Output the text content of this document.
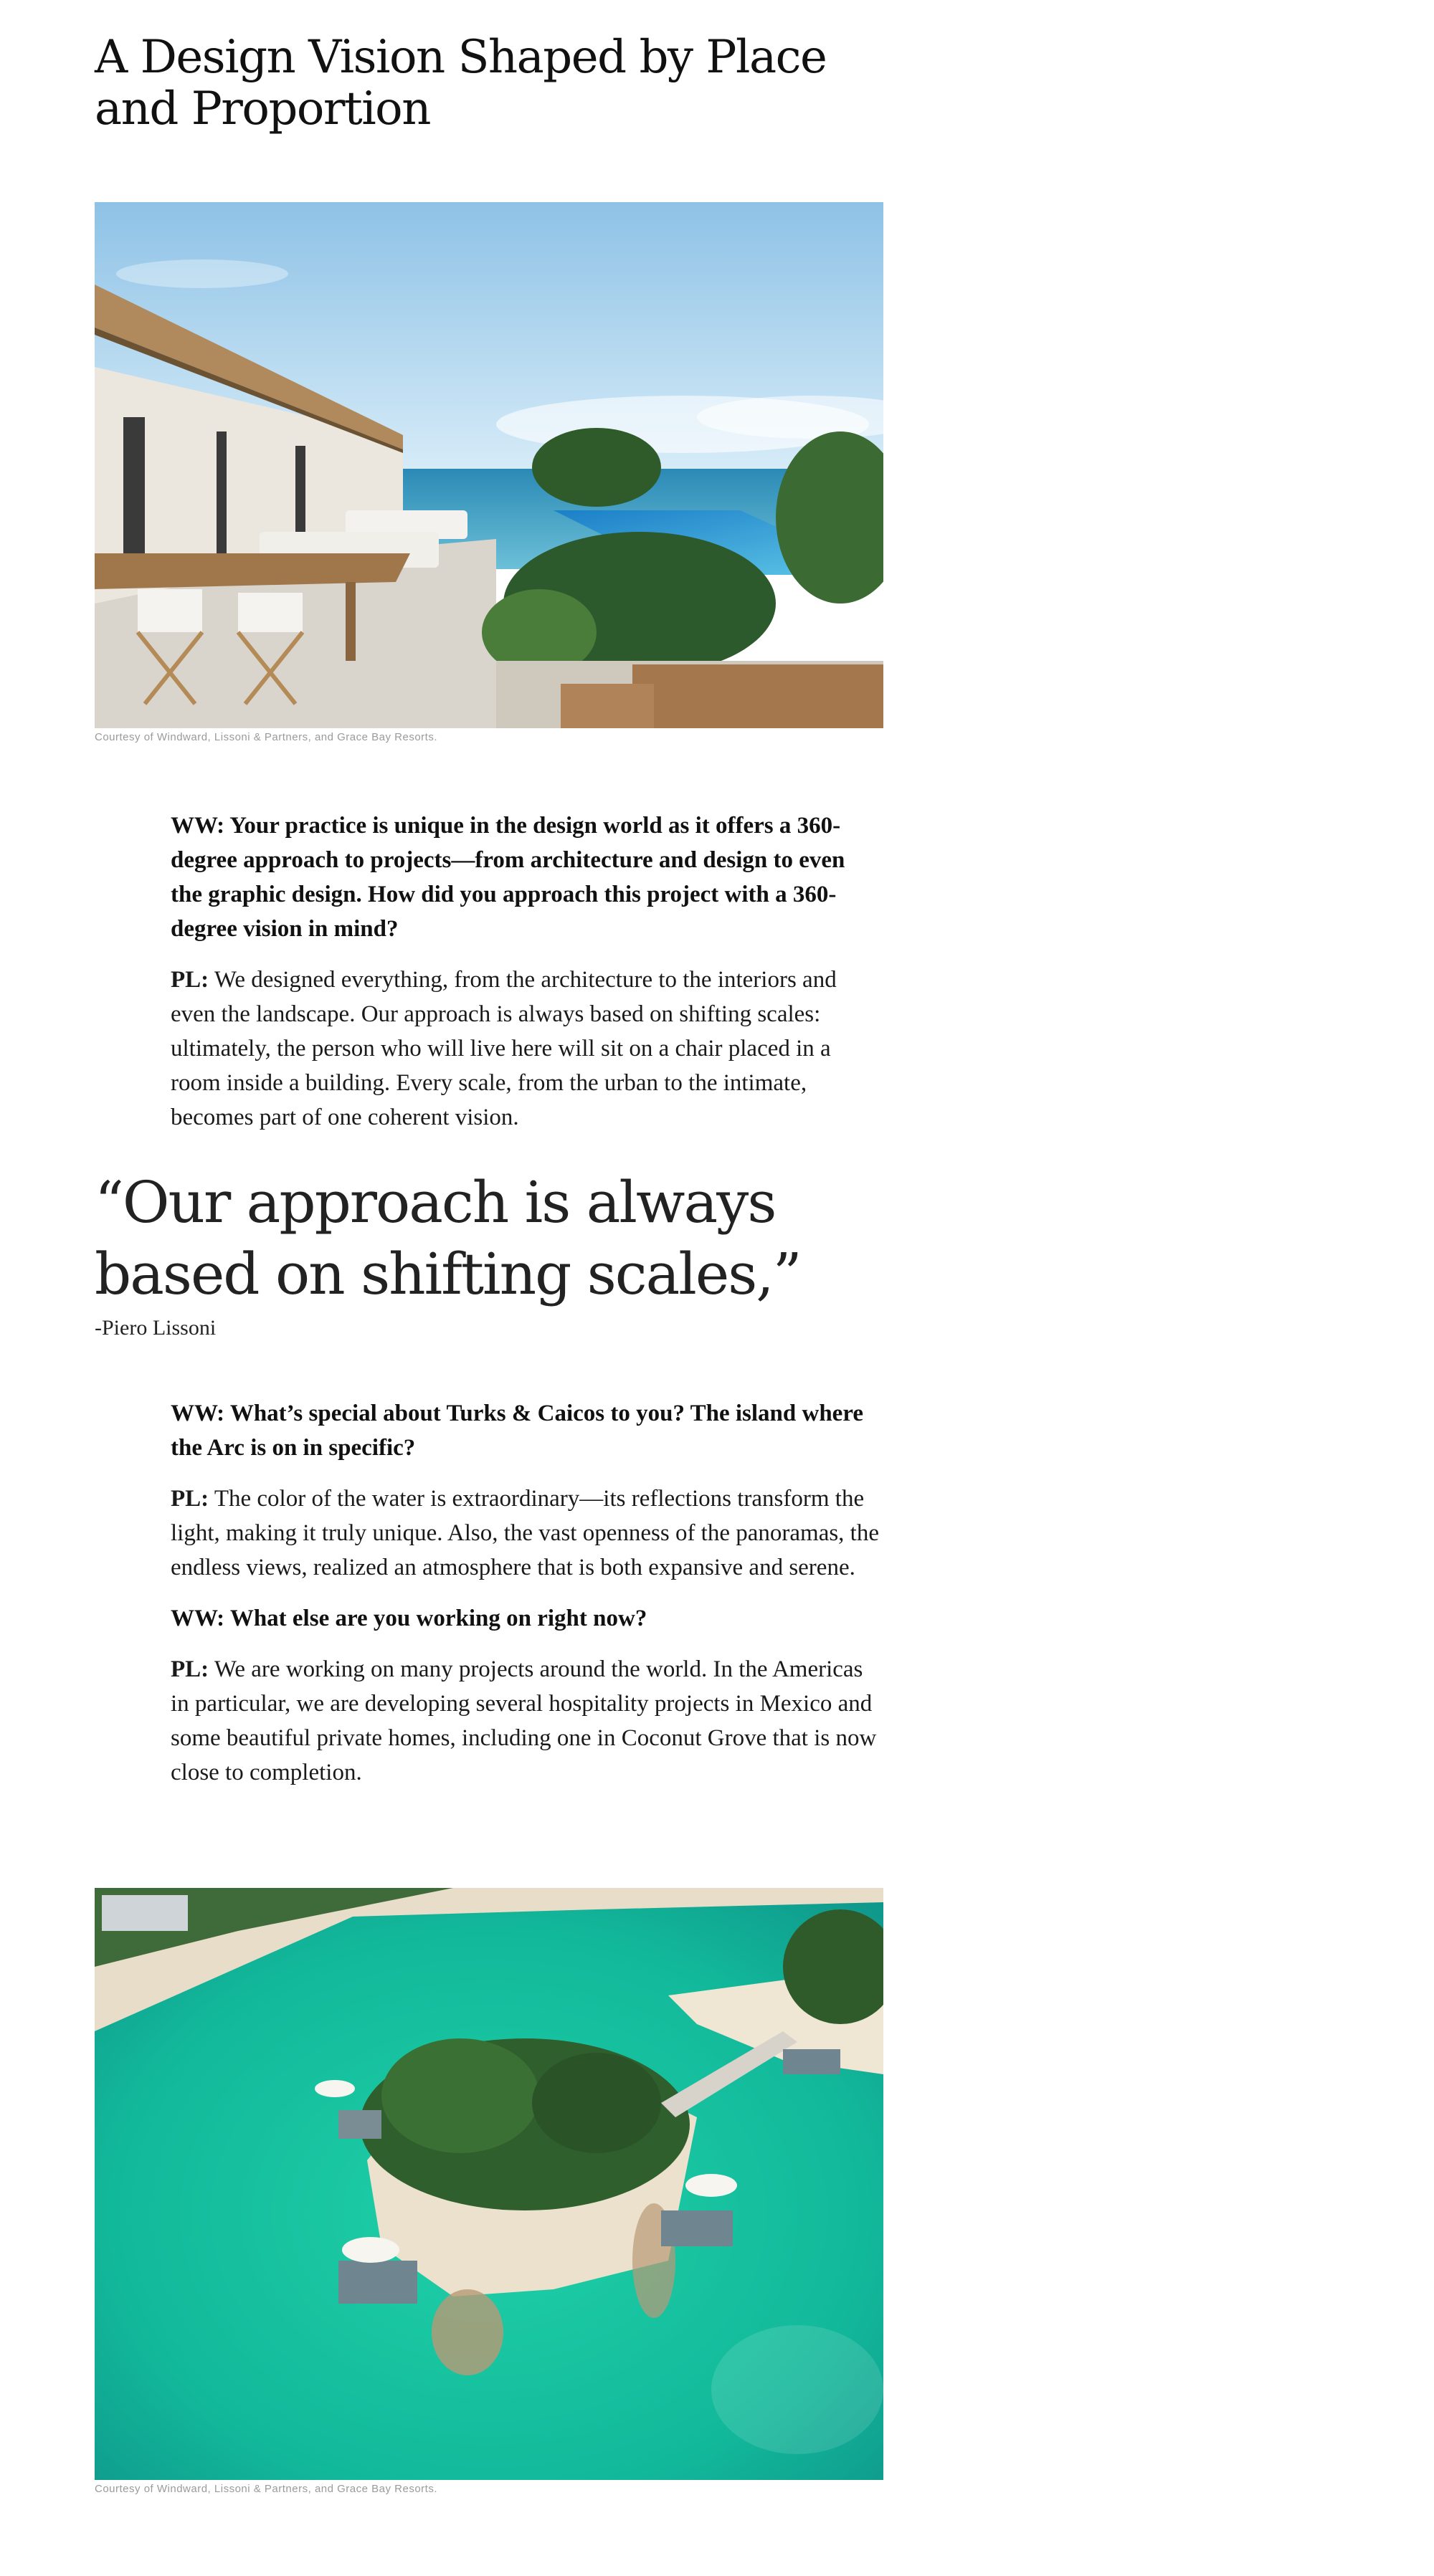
A Design Vision Shaped by Place and Proportion

Courtesy of Windward, Lissoni & Partners, and Grace Bay Resorts.

WW: Your practice is unique in the design world as it offers a 360-degree approach to projects—from architecture and design to even the graphic design. How did you approach this project with a 360-degree vision in mind?

PL: We designed everything, from the architecture to the interiors and even the landscape. Our approach is always based on shifting scales: ultimately, the person who will live here will sit on a chair placed in a room inside a building. Every scale, from the urban to the intimate, becomes part of one coherent vision.

“Our approach is always based on shifting scales,”

-Piero Lissoni

WW: What’s special about Turks & Caicos to you? The island where the Arc is on in specific?

PL: The color of the water is extraordinary—its reflections transform the light, making it truly unique. Also, the vast openness of the panoramas, the endless views, realized an atmosphere that is both expansive and serene.

WW: What else are you working on right now?

PL: We are working on many projects around the world. In the Americas in particular, we are developing several hospitality projects in Mexico and some beautiful private homes, including one in Coconut Grove that is now close to completion.

Courtesy of Windward, Lissoni & Partners, and Grace Bay Resorts.
